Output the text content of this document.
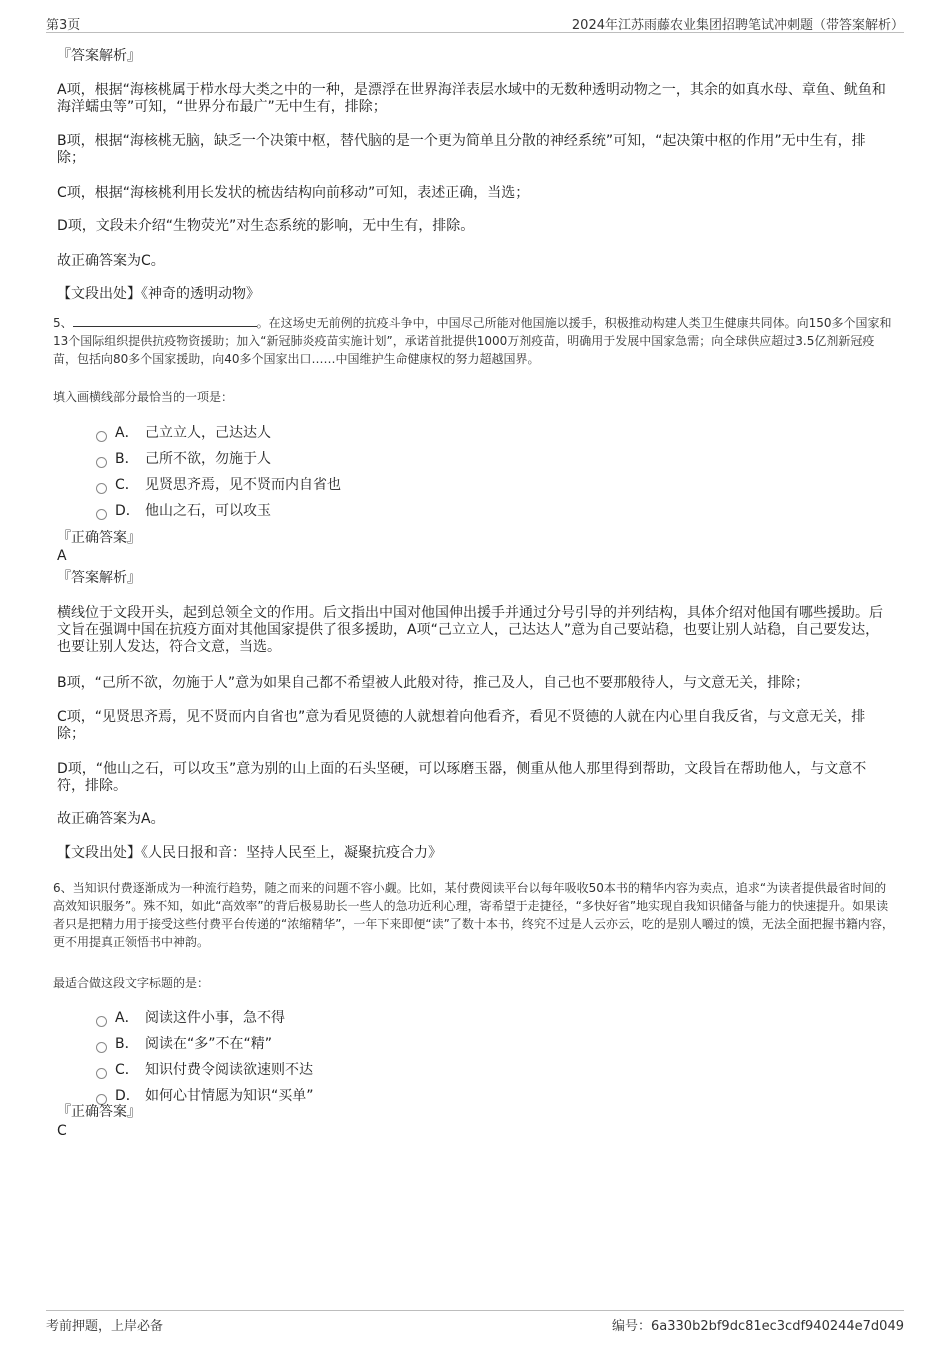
第3页	2024年江苏雨藤农业集团招聘笔试冲刺题（带答案解析）

『答案解析』

A项，根据“海核桃属于栉水母大类之中的一种，是漂浮在世界海洋表层水域中的无数种透明动物之一，其余的如真水母、章鱼、鱿鱼和海洋蠕虫等”可知，“世界分布最广”无中生有，排除；

B项，根据“海核桃无脑，缺乏一个决策中枢，替代脑的是一个更为简单且分散的神经系统”可知，“起决策中枢的作用”无中生有，排除；

C项，根据“海核桃利用长发状的梳齿结构向前移动”可知，表述正确，当选；

D项，文段未介绍“生物荧光”对生态系统的影响，无中生有，排除。

故正确答案为C。

【文段出处】《神奇的透明动物》

5、	。在这场史无前例的抗疫斗争中，中国尽己所能对他国施以援手，积极推动构建人类卫生健康共同体。向150多个国家和13个国际组织提供抗疫物资援助；加入“新冠肺炎疫苗实施计划”，承诺首批提供1000万剂疫苗，明确用于发展中国家急需；向全球供应超过3.5亿剂新冠疫苗，包括向80多个国家援助，向40多个国家出口……中国维护生命健康权的努力超越国界。

填入画横线部分最恰当的一项是：

A． 己立立人，己达达人
B． 己所不欲，勿施于人
C． 见贤思齐焉，见不贤而内自省也
D． 他山之石，可以攻玉

『正确答案』

A

『答案解析』

横线位于文段开头，起到总领全文的作用。后文指出中国对他国伸出援手并通过分号引导的并列结构，具体介绍对他国有哪些援助。后文旨在强调中国在抗疫方面对其他国家提供了很多援助，A项“己立立人，己达达人”意为自己要站稳，也要让别人站稳，自己要发达，也要让别人发达，符合文意，当选。

B项，“己所不欲，勿施于人”意为如果自己都不希望被人此般对待，推己及人，自己也不要那般待人，与文意无关，排除；

C项，“见贤思齐焉，见不贤而内自省也”意为看见贤德的人就想着向他看齐，看见不贤德的人就在内心里自我反省，与文意无关，排除；

D项，“他山之石，可以攻玉”意为别的山上面的石头坚硬，可以琢磨玉器，侧重从他人那里得到帮助，文段旨在帮助他人，与文意不符，排除。

故正确答案为A。

【文段出处】《人民日报和音：坚持人民至上，凝聚抗疫合力》

6、当知识付费逐渐成为一种流行趋势，随之而来的问题不容小觑。比如，某付费阅读平台以每年吸收50本书的精华内容为卖点，追求“为读者提供最省时间的高效知识服务”。殊不知，如此“高效率”的背后极易助长一些人的急功近利心理，寄希望于走捷径，“多快好省”地实现自我知识储备与能力的快速提升。如果读者只是把精力用于接受这些付费平台传递的“浓缩精华”，一年下来即便“读”了数十本书，终究不过是人云亦云，吃的是别人嚼过的馍，无法全面把握书籍内容，更不用提真正领悟书中神韵。

最适合做这段文字标题的是：

A． 阅读这件小事，急不得
B． 阅读在“多”不在“精”
C． 知识付费令阅读欲速则不达
D． 如何心甘情愿为知识“买单”

『正确答案』

C

考前押题，上岸必备	编号：6a330b2bf9dc81ec3cdf940244e7d049
